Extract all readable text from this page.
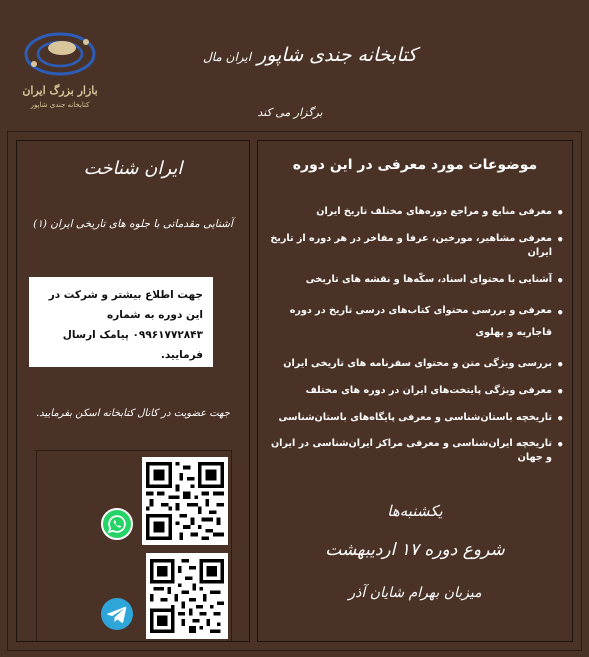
بازار بزرگ ایران
کتابخانه جندی شاپور
کتابخانه جندی شاپور ایران مال
برگزار می کند
ایران شناخت
آشنایی مقدماتی با جلوه های تاریخی ایران (۱)
جهت اطلاع بیشتر و شرکت در این دوره به شماره ۰۹۹۶۱۷۷۲۸۴۳ پیامک ارسال فرمایید.
جهت عضویت در کانال کتابخانه اسکن بفرمایید.
موضوعات مورد معرفی در این دوره
• معرفی منابع و مراجع دوره‌های مختلف تاریخ ایران
• معرفی مشاهیر، مورخین، عرفا و مفاخر در هر دوره از تاریخ ایران
• آشنایی با محتوای اسناد، سکّه‌ها و نقشه های تاریخی
• معرفی و بررسی محتوای کتاب‌های درسی تاریخ در دوره قاجاریه و پهلوی
• بررسی ویژگی متن و محتوای سفرنامه های تاریخی ایران
• معرفی ویژگی پایتخت‌های ایران در دوره های مختلف
• تاریخچه باستان‌شناسی و معرفی پایگاه‌های باستان‌شناسی
• تاریخچه ایران‌شناسی و معرفی مراکز ایران‌شناسی در ایران و جهان
یکشنبه‌ها
شروع دوره ۱۷ اردیبهشت
میزبان بهرام شایان آذر
